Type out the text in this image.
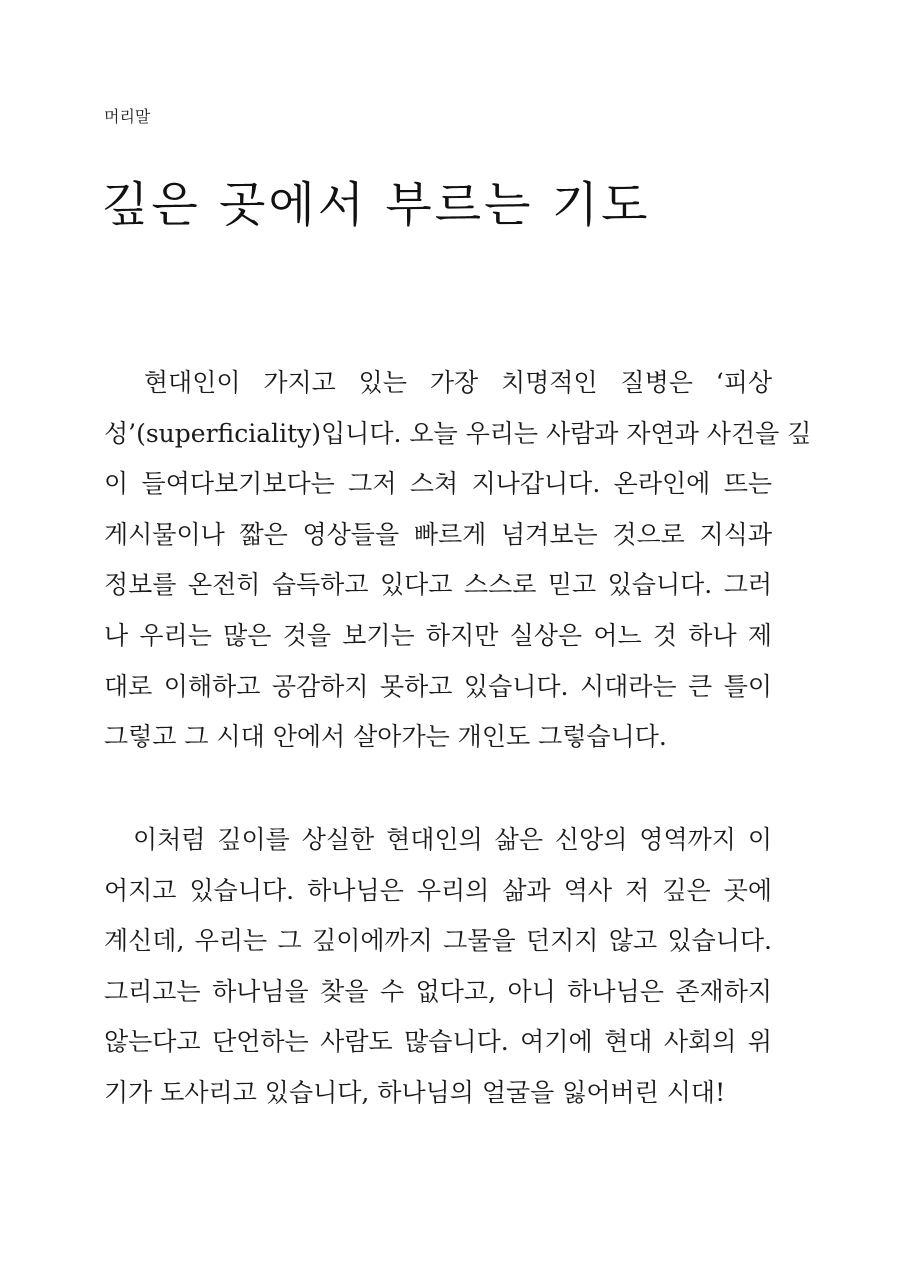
머리말
깊은 곳에서 부르는 기도
　현대인이 가지고 있는 가장 치명적인 질병은 ‘피상
성’(superficiality)입니다. 오늘 우리는 사람과 자연과 사건을 깊
이 들여다보기보다는 그저 스쳐 지나갑니다. 온라인에 뜨는
게시물이나 짧은 영상들을 빠르게 넘겨보는 것으로 지식과
정보를 온전히 습득하고 있다고 스스로 믿고 있습니다. 그러
나 우리는 많은 것을 보기는 하지만 실상은 어느 것 하나 제
대로 이해하고 공감하지 못하고 있습니다. 시대라는 큰 틀이
그렇고 그 시대 안에서 살아가는 개인도 그렇습니다.
　이처럼 깊이를 상실한 현대인의 삶은 신앙의 영역까지 이
어지고 있습니다. 하나님은 우리의 삶과 역사 저 깊은 곳에
계신데, 우리는 그 깊이에까지 그물을 던지지 않고 있습니다.
그리고는 하나님을 찾을 수 없다고, 아니 하나님은 존재하지
않는다고 단언하는 사람도 많습니다. 여기에 현대 사회의 위
기가 도사리고 있습니다, 하나님의 얼굴을 잃어버린 시대!
